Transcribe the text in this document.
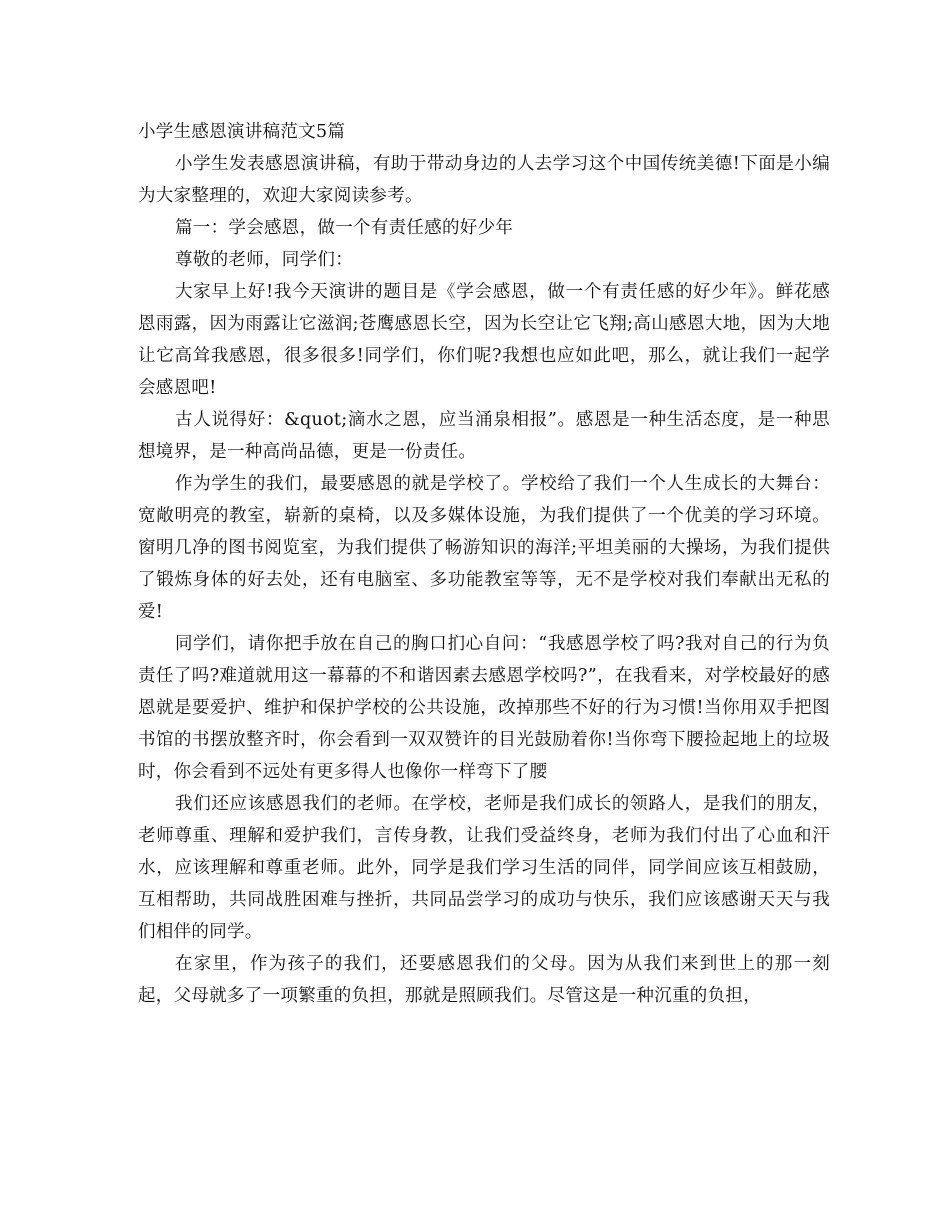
小学生感恩演讲稿范文5篇

小学生发表感恩演讲稿，有助于带动身边的人去学习这个中国传统美德!下面是小编为大家整理的，欢迎大家阅读参考。

篇一：学会感恩，做一个有责任感的好少年

尊敬的老师，同学们：

大家早上好!我今天演讲的题目是《学会感恩，做一个有责任感的好少年》。鲜花感恩雨露，因为雨露让它滋润;苍鹰感恩长空，因为长空让它飞翔;高山感恩大地，因为大地让它高耸我感恩，很多很多!同学们，你们呢?我想也应如此吧，那么，就让我们一起学会感恩吧!

古人说得好：&quot;滴水之恩，应当涌泉相报”。感恩是一种生活态度，是一种思想境界，是一种高尚品德，更是一份责任。

作为学生的我们，最要感恩的就是学校了。学校给了我们一个人生成长的大舞台：宽敞明亮的教室，崭新的桌椅，以及多媒体设施，为我们提供了一个优美的学习环境。窗明几净的图书阅览室，为我们提供了畅游知识的海洋;平坦美丽的大操场，为我们提供了锻炼身体的好去处，还有电脑室、多功能教室等等，无不是学校对我们奉献出无私的爱!

同学们，请你把手放在自己的胸口扪心自问：“我感恩学校了吗?我对自己的行为负责任了吗?难道就用这一幕幕的不和谐因素去感恩学校吗?”，在我看来，对学校最好的感恩就是要爱护、维护和保护学校的公共设施，改掉那些不好的行为习惯!当你用双手把图书馆的书摆放整齐时，你会看到一双双赞许的目光鼓励着你!当你弯下腰捡起地上的垃圾时，你会看到不远处有更多得人也像你一样弯下了腰

我们还应该感恩我们的老师。在学校，老师是我们成长的领路人，是我们的朋友，老师尊重、理解和爱护我们，言传身教，让我们受益终身，老师为我们付出了心血和汗水，应该理解和尊重老师。此外，同学是我们学习生活的同伴，同学间应该互相鼓励，互相帮助，共同战胜困难与挫折，共同品尝学习的成功与快乐，我们应该感谢天天与我们相伴的同学。

在家里，作为孩子的我们，还要感恩我们的父母。因为从我们来到世上的那一刻起，父母就多了一项繁重的负担，那就是照顾我们。尽管这是一种沉重的负担，
